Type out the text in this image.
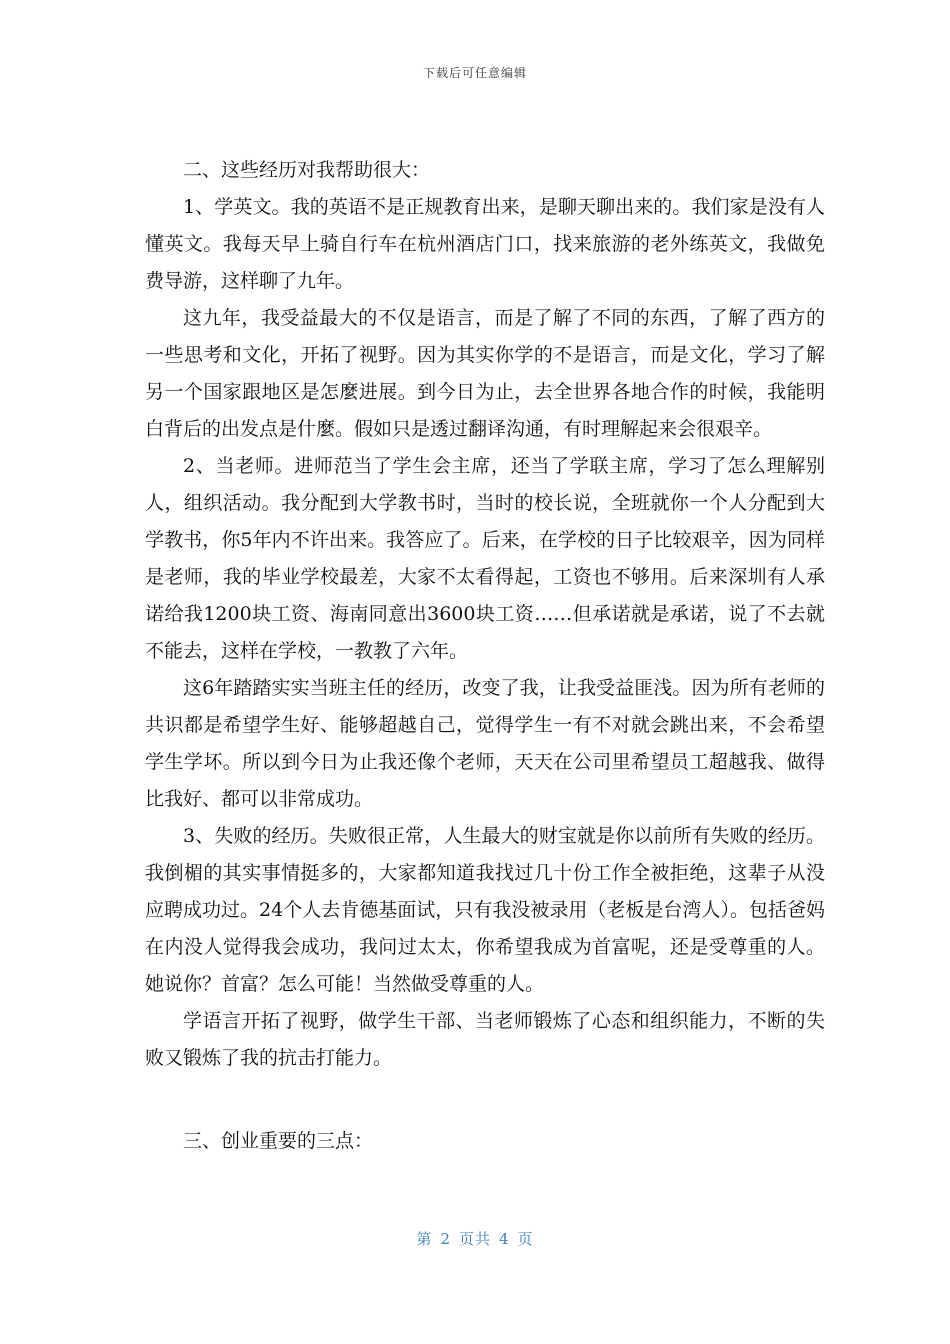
下载后可任意编辑

二、这些经历对我帮助很大：

1、学英文。我的英语不是正规教育出来，是聊天聊出来的。我们家是没有人懂英文。我每天早上骑自行车在杭州酒店门口，找来旅游的老外练英文，我做免费导游，这样聊了九年。

这九年，我受益最大的不仅是语言，而是了解了不同的东西，了解了西方的一些思考和文化，开拓了视野。因为其实你学的不是语言，而是文化，学习了解另一个国家跟地区是怎麼进展。到今日为止，去全世界各地合作的时候，我能明白背后的出发点是什麼。假如只是透过翻译沟通，有时理解起来会很艰辛。

2、当老师。进师范当了学生会主席，还当了学联主席，学习了怎么理解别人，组织活动。我分配到大学教书时，当时的校长说，全班就你一个人分配到大学教书，你5年内不许出来。我答应了。后来，在学校的日子比较艰辛，因为同样是老师，我的毕业学校最差，大家不太看得起，工资也不够用。后来深圳有人承诺给我1200块工资、海南同意出3600块工资……但承诺就是承诺，说了不去就不能去，这样在学校，一教教了六年。

这6年踏踏实实当班主任的经历，改变了我，让我受益匪浅。因为所有老师的共识都是希望学生好、能够超越自己，觉得学生一有不对就会跳出来，不会希望学生学坏。所以到今日为止我还像个老师，天天在公司里希望员工超越我、做得比我好、都可以非常成功。

3、失败的经历。失败很正常，人生最大的财宝就是你以前所有失败的经历。我倒楣的其实事情挺多的，大家都知道我找过几十份工作全被拒绝，这辈子从没应聘成功过。24个人去肯德基面试，只有我没被录用（老板是台湾人）。包括爸妈在内没人觉得我会成功，我问过太太，你希望我成为首富呢，还是受尊重的人。她说你？首富？怎么可能！当然做受尊重的人。

学语言开拓了视野，做学生干部、当老师锻炼了心态和组织能力，不断的失败又锻炼了我的抗击打能力。

三、创业重要的三点：

第 2 页共 4 页
